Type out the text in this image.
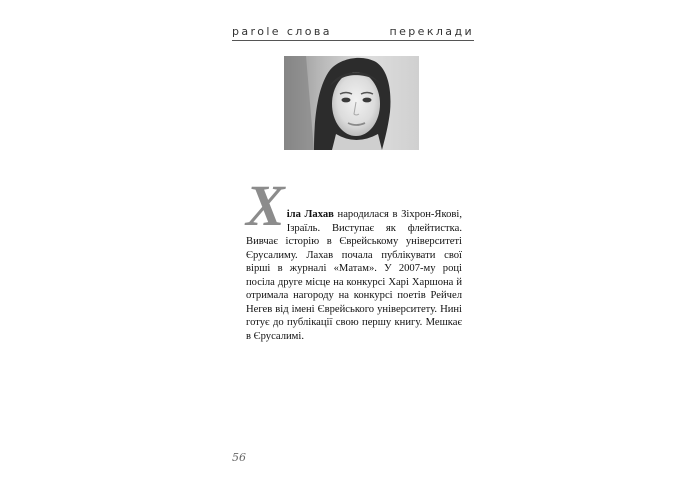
parole слова	переклади
Х іла Лахав народилася в Зіхрон-Якові, Ізраїль. Виступає як флейтистка. Вивчає історію в Єврейському університеті Єрусалиму. Лахав почала публікувати свої вірші в журналі «Матам». У 2007-му році посіла друге місце на конкурсі Харі Харшона й отримала нагороду на конкурсі поетів Рейчел Негев від імені Єврейського університету. Нині готує до публікації свою першу книгу. Мешкає в Єрусалимі.

56
